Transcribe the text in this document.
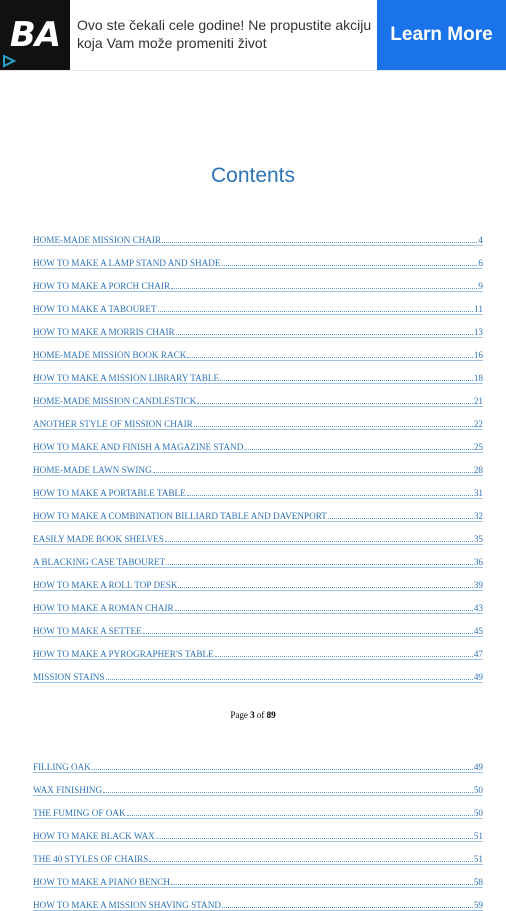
BA	Ovo ste čekali cele godine! Ne propustite akciju koja Vam može promeniti život	Learn More
Contents
HOME-MADE MISSION CHAIR	4
HOW TO MAKE A LAMP STAND AND SHADE	6
HOW TO MAKE A PORCH CHAIR	9
HOW TO MAKE A TABOURET	11
HOW TO MAKE A MORRIS CHAIR	13
HOME-MADE MISSION BOOK RACK	16
HOW TO MAKE A MISSION LIBRARY TABLE	18
HOME-MADE MISSION CANDLESTICK	21
ANOTHER STYLE OF MISSION CHAIR	22
HOW TO MAKE AND FINISH A MAGAZINE STAND	25
HOME-MADE LAWN SWING	28
HOW TO MAKE A PORTABLE TABLE	31
HOW TO MAKE A COMBINATION BILLIARD TABLE AND DAVENPORT	32
EASILY MADE BOOK SHELVES	35
A BLACKING CASE TABOURET	36
HOW TO MAKE A ROLL TOP DESK	39
HOW TO MAKE A ROMAN CHAIR	43
HOW TO MAKE A SETTEE	45
HOW TO MAKE A PYROGRAPHER'S TABLE	47
MISSION STAINS	49
Page 3 of 89
FILLING OAK	49
WAX FINISHING	50
THE FUMING OF OAK	50
HOW TO MAKE BLACK WAX	51
THE 40 STYLES OF CHAIRS	51
HOW TO MAKE A PIANO BENCH	58
HOW TO MAKE A MISSION SHAVING STAND	59
